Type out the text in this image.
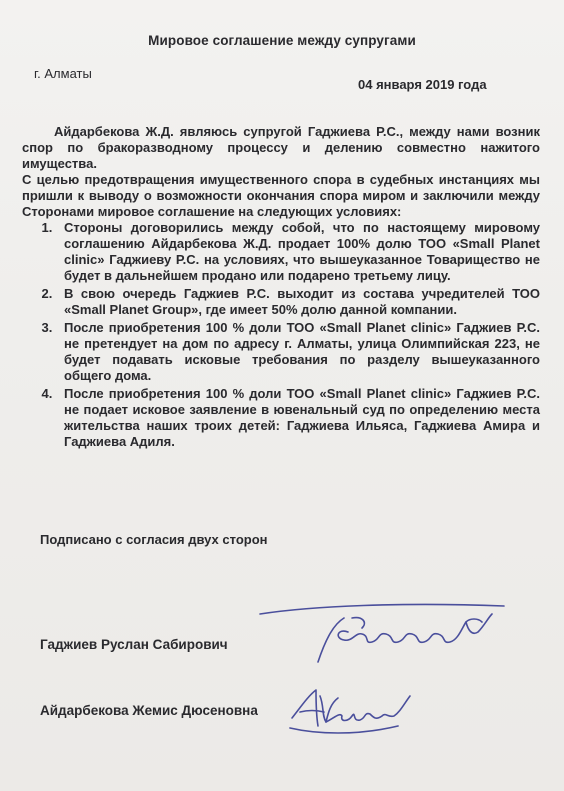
Мировое соглашение между супругами
г. Алматы
04 января 2019 года

Айдарбекова Ж.Д. являюсь супругой Гаджиева Р.С., между нами возник спор по бракоразводному процессу и делению совместно нажитого имущества.

С целью предотвращения имущественного спора в судебных инстанциях мы пришли к выводу о возможности окончания спора миром и заключили между Сторонами мировое соглашение на следующих условиях:

1. Стороны договорились между собой, что по настоящему мировому соглашению Айдарбекова Ж.Д. продает 100% долю ТОО «Small Planet clinic» Гаджиеву Р.С. на условиях, что вышеуказанное Товарищество не будет в дальнейшем продано или подарено третьему лицу.
2. В свою очередь Гаджиев Р.С. выходит из состава учредителей ТОО «Small Planet Group», где имеет 50% долю данной компании.
3. После приобретения 100 % доли ТОО «Small Planet clinic» Гаджиев Р.С. не претендует на дом по адресу г. Алматы, улица Олимпийская 223, не будет подавать исковые требования по разделу вышеуказанного общего дома.
4. После приобретения 100 % доли ТОО «Small Planet clinic» Гаджиев Р.С. не подает исковое заявление в ювенальный суд по определению места жительства наших троих детей: Гаджиева Ильяса, Гаджиева Амира и Гаджиева Адиля.
Подписано с согласия двух сторон
Гаджиев Руслан Сабирович
Айдарбекова Жемис Дюсеновна
